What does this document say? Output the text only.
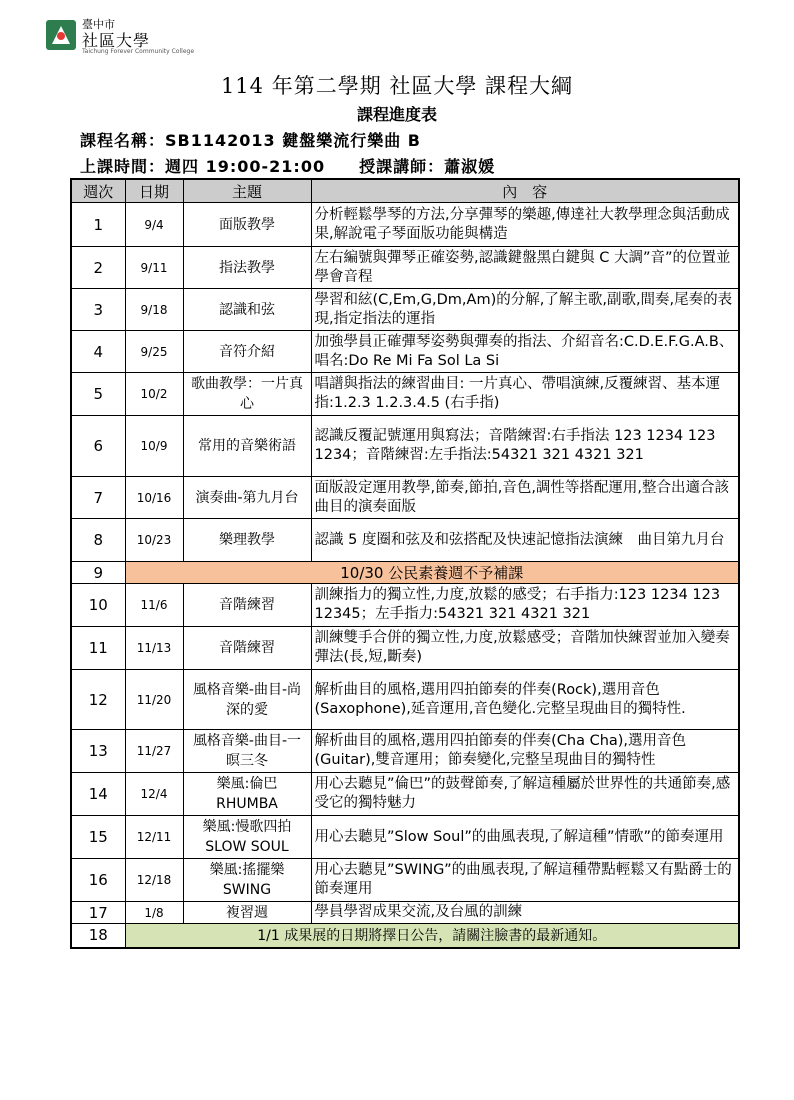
臺中市
社區大學
Taichung Forever Community College
114 年第二學期 社區大學 課程大綱
課程進度表
課程名稱：SB1142013 鍵盤樂流行樂曲 B
上課時間：週四 19:00-21:00 授課講師：蕭淑媛
週次	日期	主題	內　容
1	9/4	面版教學	分析輕鬆學琴的方法,分享彈琴的樂趣,傳達社大教學理念與活動成果,解說電子琴面版功能與構造
2	9/11	指法教學	左右編號與彈琴正確姿勢,認識鍵盤黑白鍵與 C 大調”音”的位置並學會音程
3	9/18	認識和弦	學習和絃(C,Em,G,Dm,Am)的分解,了解主歌,副歌,間奏,尾奏的表現,指定指法的運指
4	9/25	音符介紹	加強學員正確彈琴姿勢與彈奏的指法、介紹音名:C.D.E.F.G.A.B、唱名:Do Re Mi Fa Sol La Si
5	10/2	歌曲教學：一片真心	唱譜與指法的練習曲目: 一片真心、帶唱演練,反覆練習、基本運指:1.2.3 1.2.3.4.5 (右手指)
6	10/9	常用的音樂術語	認識反覆記號運用與寫法；音階練習:右手指法 123 1234 123 1234；音階練習:左手指法:54321 321 4321 321
7	10/16	演奏曲-第九月台	面版設定運用教學,節奏,節拍,音色,調性等搭配運用,整合出適合該曲目的演奏面版
8	10/23	樂理教學	認識 5 度圈和弦及和弦搭配及快速記憶指法演練　曲目第九月台
9	10/30 公民素養週不予補課		
10	11/6	音階練習	訓練指力的獨立性,力度,放鬆的感受；右手指力:123 1234 123 12345；左手指力:54321 321 4321 321
11	11/13	音階練習	訓練雙手合併的獨立性,力度,放鬆感受；音階加快練習並加入變奏彈法(長,短,斷奏)
12	11/20	風格音樂-曲目-尚深的愛	解析曲目的風格,選用四拍節奏的伴奏(Rock),選用音色(Saxophone),延音運用,音色變化.完整呈現曲目的獨特性.
13	11/27	風格音樂-曲目-一暝三冬	解析曲目的風格,選用四拍節奏的伴奏(Cha Cha),選用音色(Guitar),雙音運用；節奏變化,完整呈現曲目的獨特性
14	12/4	樂風:倫巴 RHUMBA	用心去聽見”倫巴”的鼓聲節奏,了解這種屬於世界性的共通節奏,感受它的獨特魅力
15	12/11	樂風:慢歌四拍 SLOW SOUL	用心去聽見”Slow Soul”的曲風表現,了解這種”情歌”的節奏運用
16	12/18	樂風:搖擺樂 SWING	用心去聽見”SWING”的曲風表現,了解這種帶點輕鬆又有點爵士的節奏運用
17	1/8	複習週	學員學習成果交流,及台風的訓練
18	1/1 成果展的日期將擇日公告，請關注臉書的最新通知。		
